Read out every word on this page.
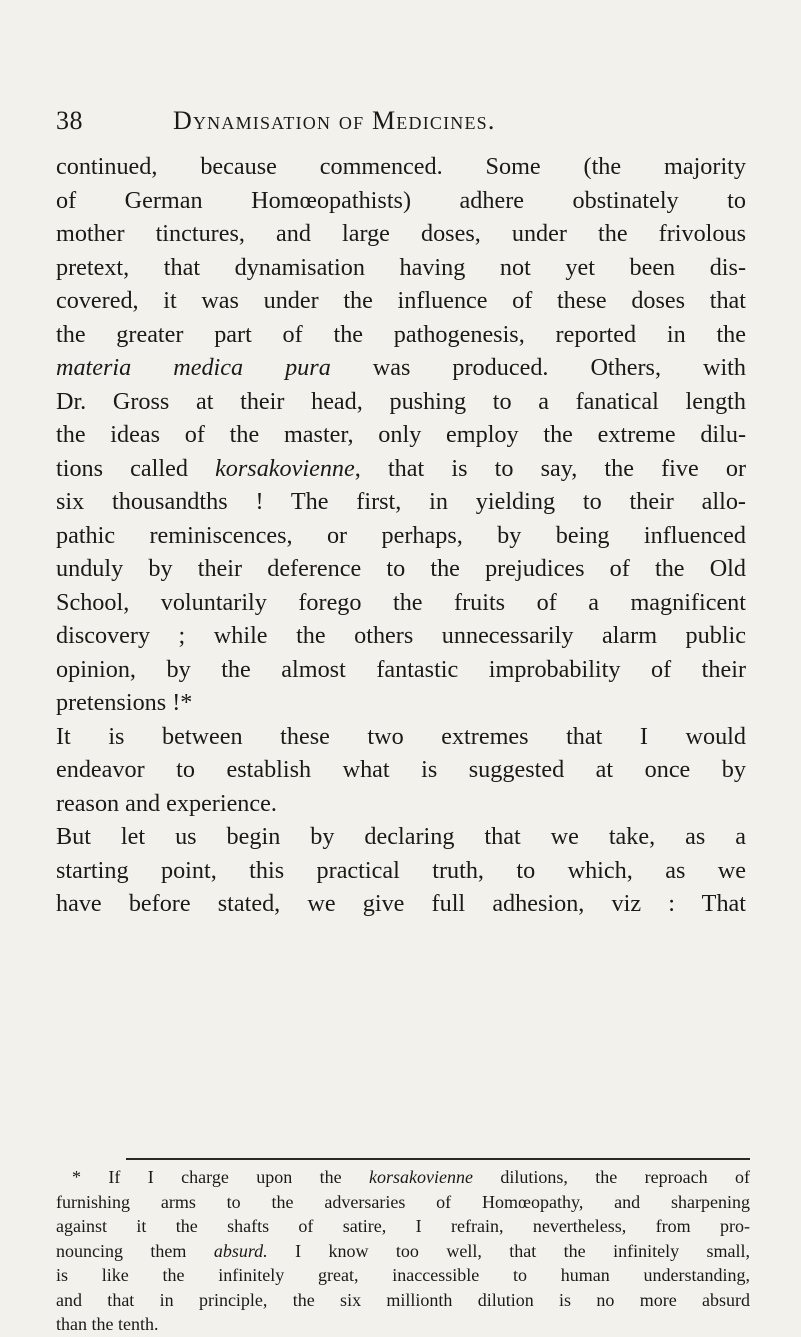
38	Dynamisation of Medicines.
continued, because commenced. Some (the majority
of German Homœopathists) adhere obstinately to
mother tinctures, and large doses, under the frivolous
pretext, that dynamisation having not yet been dis-
covered, it was under the influence of these doses that
the greater part of the pathogenesis, reported in the
materia medica pura was produced. Others, with
Dr. Gross at their head, pushing to a fanatical length
the ideas of the master, only employ the extreme dilu-
tions called korsakovienne, that is to say, the five or
six thousandths ! The first, in yielding to their allo-
pathic reminiscences, or perhaps, by being influenced
unduly by their deference to the prejudices of the Old
School, voluntarily forego the fruits of a magnificent
discovery ; while the others unnecessarily alarm public
opinion, by the almost fantastic improbability of their
pretensions !*
It is between these two extremes that I would
endeavor to establish what is suggested at once by
reason and experience.
But let us begin by declaring that we take, as a
starting point, this practical truth, to which, as we
have before stated, we give full adhesion, viz : That
* If I charge upon the korsakovienne dilutions, the reproach of
furnishing arms to the adversaries of Homœopathy, and sharpening
against it the shafts of satire, I refrain, nevertheless, from pro-
nouncing them absurd. I know too well, that the infinitely small,
is like the infinitely great, inaccessible to human understanding,
and that in principle, the six millionth dilution is no more absurd
than the tenth.
